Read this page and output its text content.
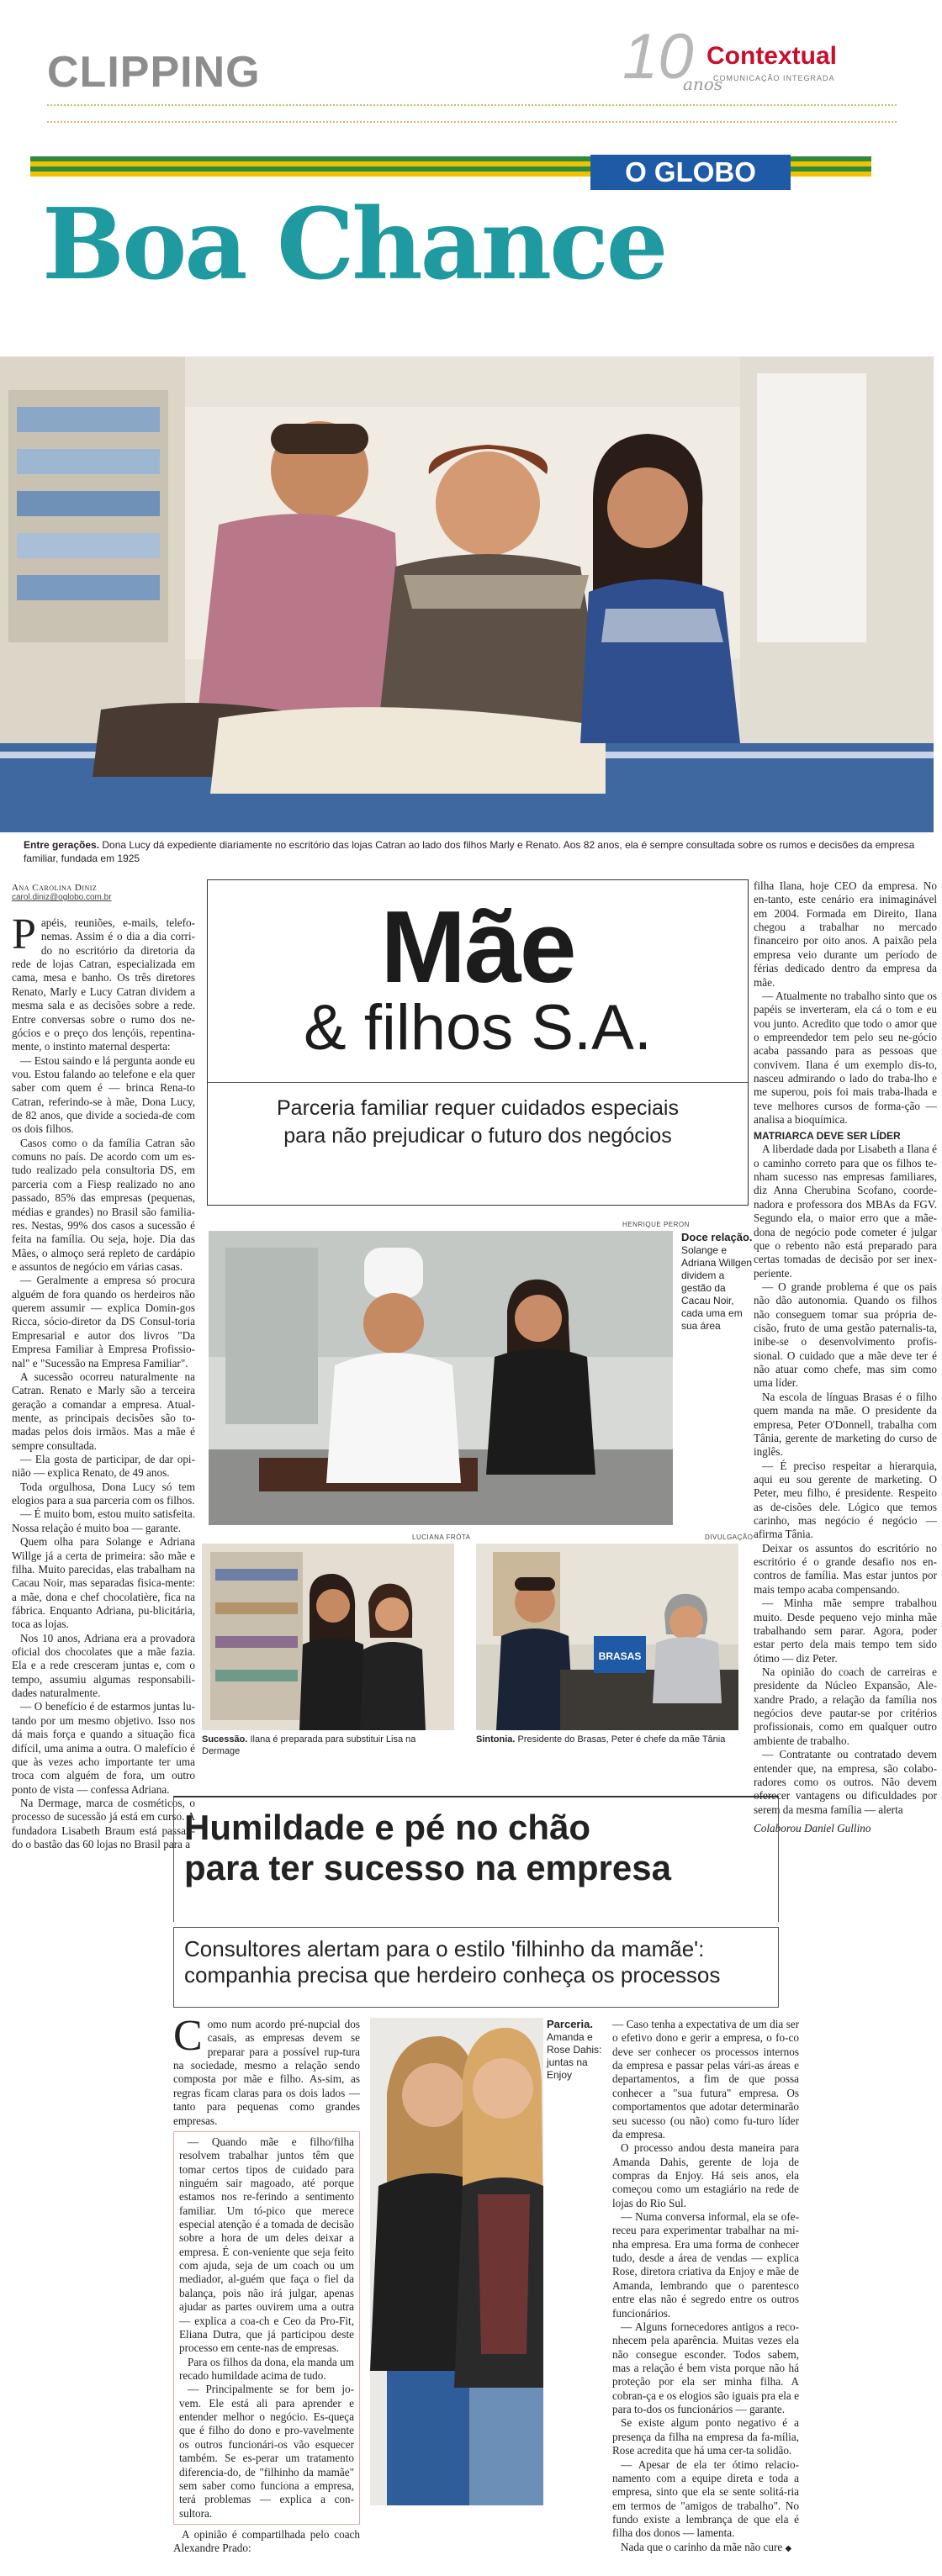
CLIPPING	10 Contextual
anos
COMUNICAÇÃO INTEGRADA
O GLOBO
Boa Chance
Entre gerações. Dona Lucy dá expediente diariamente no escritório das lojas Catran ao lado dos filhos Marly e Renato. Aos 82 anos, ela é sempre consultada sobre os rumos e decisões da empresa familiar, fundada em 1925
Ana Carolina Diniz
carol.diniz@oglobo.com.br

Papéis, reuniões, e-mails, telefo-nemas. Assim é o dia a dia corri-do no escritório da diretoria da rede de lojas Catran, especializada em cama, mesa e banho. Os três diretores Renato, Marly e Lucy Catran dividem a mesma sala e as decisões sobre a rede. Entre conversas sobre o rumo dos ne-gócios e o preço dos lençóis, repentina-mente, o instinto maternal desperta:

— Estou saindo e lá pergunta aonde eu vou. Estou falando ao telefone e ela quer saber com quem é — brinca Rena-to Catran, referindo-se à mãe, Dona Lucy, de 82 anos, que divide a socieda-de com os dois filhos.

Casos como o da família Catran são comuns no país. De acordo com um es-tudo realizado pela consultoria DS, em parceria com a Fiesp realizado no ano passado, 85% das empresas (pequenas, médias e grandes) no Brasil são familia-res. Nestas, 99% dos casos a sucessão é feita na família. Ou seja, hoje. Dia das Mães, o almoço será repleto de cardápio e assuntos de negócio em várias casas.

— Geralmente a empresa só procura alguém de fora quando os herdeiros não querem assumir — explica Domin-gos Ricca, sócio-diretor da DS Consul-toria Empresarial e autor dos livros "Da Empresa Familiar à Empresa Profissio-nal" e "Sucessão na Empresa Familiar".

A sucessão ocorreu naturalmente na Catran. Renato e Marly são a terceira geração a comandar a empresa. Atual-mente, as principais decisões são to-madas pelos dois irmãos. Mas a mãe é sempre consultada.

— Ela gosta de participar, de dar opi-nião — explica Renato, de 49 anos.

Toda orgulhosa, Dona Lucy só tem elogios para a sua parceria com os filhos.

— É muito bom, estou muito satisfeita. Nossa relação é muito boa — garante.

Quem olha para Solange e Adriana Willge já a certa de primeira: são mãe e filha. Muito parecidas, elas trabalham na Cacau Noir, mas separadas fisica-mente: a mãe, dona e chef chocolatière, fica na fábrica. Enquanto Adriana, pu-blicitária, toca as lojas.

Nos 10 anos, Adriana era a provadora oficial dos chocolates que a mãe fazia. Ela e a rede cresceram juntas e, com o tempo, assumiu algumas responsabili-dades naturalmente.

— O benefício é de estarmos juntas lu-tando por um mesmo objetivo. Isso nos dá mais força e quando a situação fica difícil, uma anima a outra. O malefício é que às vezes acho importante ter uma troca com alguém de fora, um outro ponto de vista — confessa Adriana.

Na Dermage, marca de cosméticos, o processo de sucessão já está em curso. A fundadora Lisabeth Braum está passan-do o bastão das 60 lojas no Brasil para a

Mãe
& filhos S.A.
Parceria familiar requer cuidados especiais
para não prejudicar o futuro dos negócios
HENRIQUE PERON
Doce relação.
Solange e Adriana Willgen dividem a gestão da Cacau Noir, cada uma em sua área
LUCIANA FRÓTA
Sucessão. Ilana é preparada para substituir Lisa na Dermage
DIVULGAÇÃO
BRASAS
Sintonia. Presidente do Brasas, Peter é chefe da mãe Tânia

filha Ilana, hoje CEO da empresa. No en-tanto, este cenário era inimaginável em 2004. Formada em Direito, Ilana chegou a trabalhar no mercado financeiro por oito anos. A paixão pela empresa veio durante um período de férias dedicado dentro da empresa da mãe.

— Atualmente no trabalho sinto que os papéis se inverteram, ela cá o tom e eu vou junto. Acredito que todo o amor que o empreendedor tem pelo seu ne-gócio acaba passando para as pessoas que convivem. Ilana é um exemplo dis-to, nasceu admirando o lado do traba-lho e me superou, pois foi mais traba-lhada e teve melhores cursos de forma-ção — analisa a bioquímica.

MATRIARCA DEVE SER LÍDER

A liberdade dada por Lisabeth a Ilana é o caminho correto para que os filhos te-nham sucesso nas empresas familiares, diz Anna Cherubina Scofano, coorde-nadora e professora dos MBAs da FGV. Segundo ela, o maior erro que a mãe-dona de negócio pode cometer é julgar que o rebento não está preparado para certas tomadas de decisão por ser inex-periente.

— O grande problema é que os pais não dão autonomia. Quando os filhos não conseguem tomar sua própria de-cisão, fruto de uma gestão paternalis-ta, inibe-se o desenvolvimento profis-sional. O cuidado que a mãe deve ter é não atuar como chefe, mas sim como uma líder.

Na escola de línguas Brasas é o filho quem manda na mãe. O presidente da empresa, Peter O'Donnell, trabalha com Tânia, gerente de marketing do curso de inglês.

— É preciso respeitar a hierarquia, aqui eu sou gerente de marketing. O Peter, meu filho, é presidente. Respeito as de-cisões dele. Lógico que temos carinho, mas negócio é negócio — afirma Tânia.

Deixar os assuntos do escritório no escritório é o grande desafio nos en-contros de família. Mas estar juntos por mais tempo acaba compensando.

— Minha mãe sempre trabalhou muito. Desde pequeno vejo minha mãe trabalhando sem parar. Agora, poder estar perto dela mais tempo tem sido ótimo — diz Peter.

Na opinião do coach de carreiras e presidente da Núcleo Expansão, Ale-xandre Prado, a relação da família nos negócios deve pautar-se por critérios profissionais, como em qualquer outro ambiente de trabalho.

— Contratante ou contratado devem entender que, na empresa, são colabo-radores como os outros. Não devem oferecer vantagens ou dificuldades por serem da mesma família — alerta

Colaborou Daniel Gullino

Humildade e pé no chão
para ter sucesso na empresa
Consultores alertam para o estilo 'filhinho da mamãe':
companhia precisa que herdeiro conheça os processos

Como num acordo pré-nupcial dos casais, as empresas devem se preparar para a possível rup-tura na sociedade, mesmo a relação sendo composta por mãe e filho. As-sim, as regras ficam claras para os dois lados — tanto para pequenas como grandes empresas.

— Quando mãe e filho/filha resolvem trabalhar juntos têm que tomar certos tipos de cuidado para ninguém sair magoado, até porque estamos nos re-ferindo a sentimento familiar. Um tó-pico que merece especial atenção é a tomada de decisão sobre a hora de um deles deixar a empresa. É con-veniente que seja feito com ajuda, seja de um coach ou um mediador, al-guém que faça o fiel da balança, pois não irá julgar, apenas ajudar as partes ouvirem uma a outra — explica a coa-ch e Ceo da Pro-Fit, Eliana Dutra, que já participou deste processo em cente-nas de empresas.

Para os filhos da dona, ela manda um recado humildade acima de tudo.

— Principalmente se for bem jo-vem. Ele está ali para aprender e entender melhor o negócio. Es-queça que é filho do dono e pro-vavelmente os outros funcionári-os vão esquecer também. Se es-perar um tratamento diferencia-do, de "filhinho da mamãe" sem saber como funciona a empresa, terá problemas — explica a con-sultora.

A opinião é compartilhada pelo coach Alexandre Prado:

Parceria.
Amanda e Rose Dahis: juntas na Enjoy

— Caso tenha a expectativa de um dia ser o efetivo dono e gerir a empresa, o fo-co deve ser conhecer os processos internos da empresa e passar pelas vári-as áreas e departamentos, a fim de que possa conhecer a "sua futura" empresa. Os comportamentos que adotar determinarão seu sucesso (ou não) como fu-turo líder da empresa.

O processo andou desta maneira para Amanda Dahis, gerente de loja de compras da Enjoy. Há seis anos, ela começou como um estagiário na rede de lojas do Rio Sul.

— Numa conversa informal, ela se ofe-receu para experimentar trabalhar na mi-nha empresa. Era uma forma de conhecer tudo, desde a área de vendas — explica Rose, diretora criativa da Enjoy e mãe de Amanda, lembrando que o parentesco entre elas não é segredo entre os outros funcionários.

— Alguns fornecedores antigos a reco-nhecem pela aparência. Muitas vezes ela não consegue esconder. Todos sabem, mas a relação é bem vista porque não há proteção por ela ser minha filha. A cobran-ça e os elogios são iguais pra ela e para to-dos os funcionários — garante.

Se existe algum ponto negativo é a presença da filha na empresa da fa-mília, Rose acredita que há uma cer-ta solidão.

— Apesar de ela ter ótimo relacio-namento com a equipe direta e toda a empresa, sinto que ela se sente solitá-ria em termos de "amigos de trabalho". No fundo existe a lembrança de que ela é filha dos donos — lamenta.

Nada que o carinho da mãe não cure ◆
